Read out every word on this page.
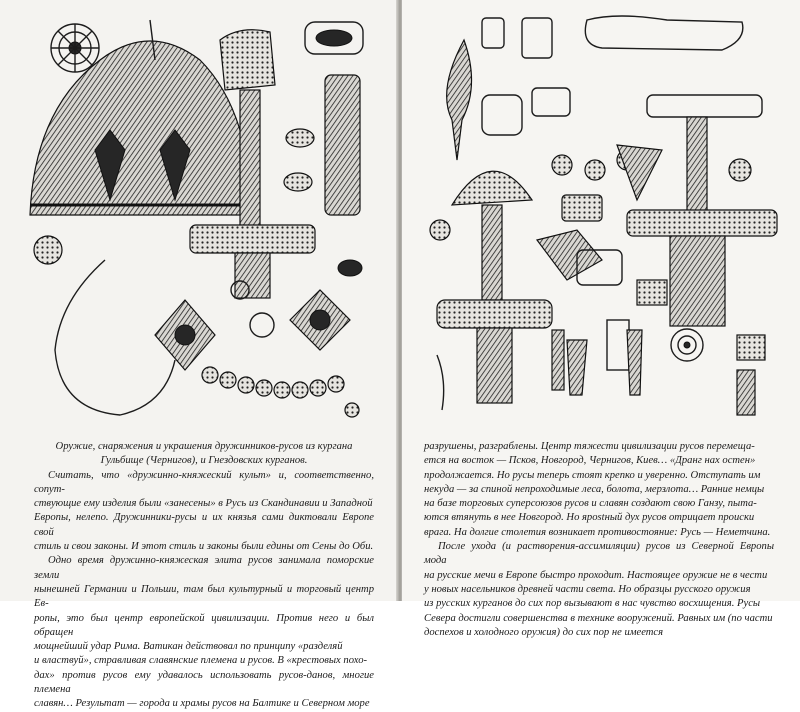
Оружие, снаряжения и украшения дружинников-русов из кургана Гульбище (Чернигов), и Гнездовских курганов.

Считать, что «дружинно-княжеский культ» и, соответственно, сопут-

ствующие ему изделия были «занесены» в Русь из Скандинавии и Западной

Европы, нелепо. Дружинники-русы и их князья сами диктовали Европе свой

стиль и свои законы. И этот стиль и законы были едины от Сены до Оби.

Одно время дружинно-княжеская элита русов занимала поморские земли

нынешней Германии и Польши, там был культурный и торговый центр Ев-

ропы, это был центр европейской цивилизации. Против него и был обращен

мощнейший удар Рима. Ватикан действовал по принципу «разделяй

и властвуй», стравливая славянские племена и русов. В «крестовых похо-

дах» против русов ему удавалось использовать русов-данов, многие племена

славян… Результат — города и храмы русов на Балтике и Северном море

разрушены, разграблены. Центр тяжести цивилизации русов перемеща-

ется на восток — Псков, Новгород, Чернигов, Киев… «Дранг нах остен»

продолжается. Но русы теперь стоят крепко и уверенно. Отступать им

некуда — за спиной непроходимые леса, болота, мерзлота… Ранние немцы

на базе торговых суперсоюзов русов и славян создают свою Ганзу, пыта-

ются втянуть в нее Новгород. Но ярostный дух русов отрицает происки

врага. На долгие столетия возникает противостояние: Русь — Неметчина.

После ухода (и растворения-ассимиляции) русов из Северной Европы мода

на русские мечи в Европе быстро проходит. Настоящее оружие не в чести

у новых насельников древней части света. Но образцы русского оружия

из русских курганов до сих пор вызывают в нас чувство восхищения. Русы

Севера достигли совершенства в технике вооружений. Равных им (по части

доспехов и холодного оружия) до сих пор не имеется
